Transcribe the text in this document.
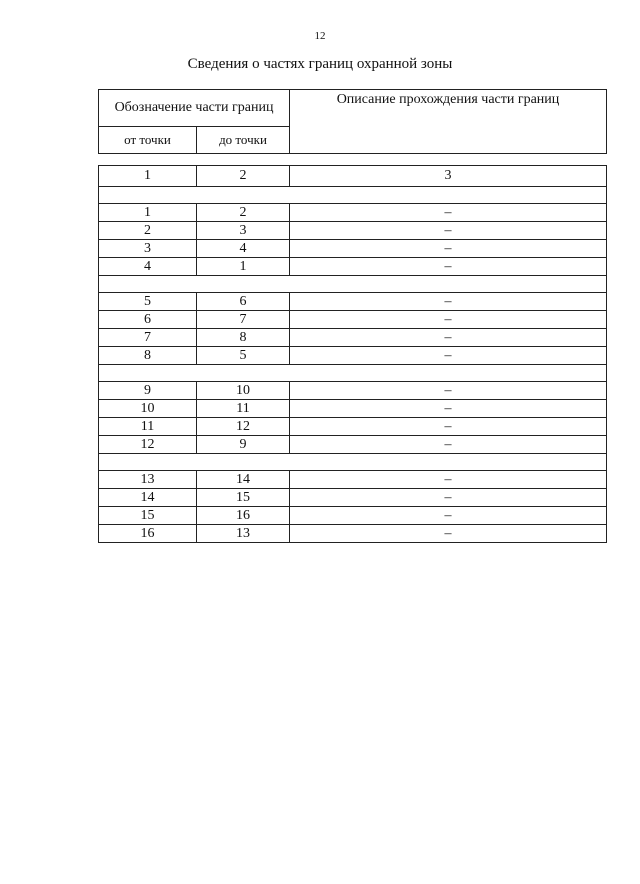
12
Сведения о частях границ охранной зоны
Обозначение части границ		Описание прохождения части границ
от точки	до точки	

1	2	3

1	2	–
2	3	–
3	4	–
4	1	–

5	6	–
6	7	–
7	8	–
8	5	–

9	10	–
10	11	–
11	12	–
12	9	–

13	14	–
14	15	–
15	16	–
16	13	–
